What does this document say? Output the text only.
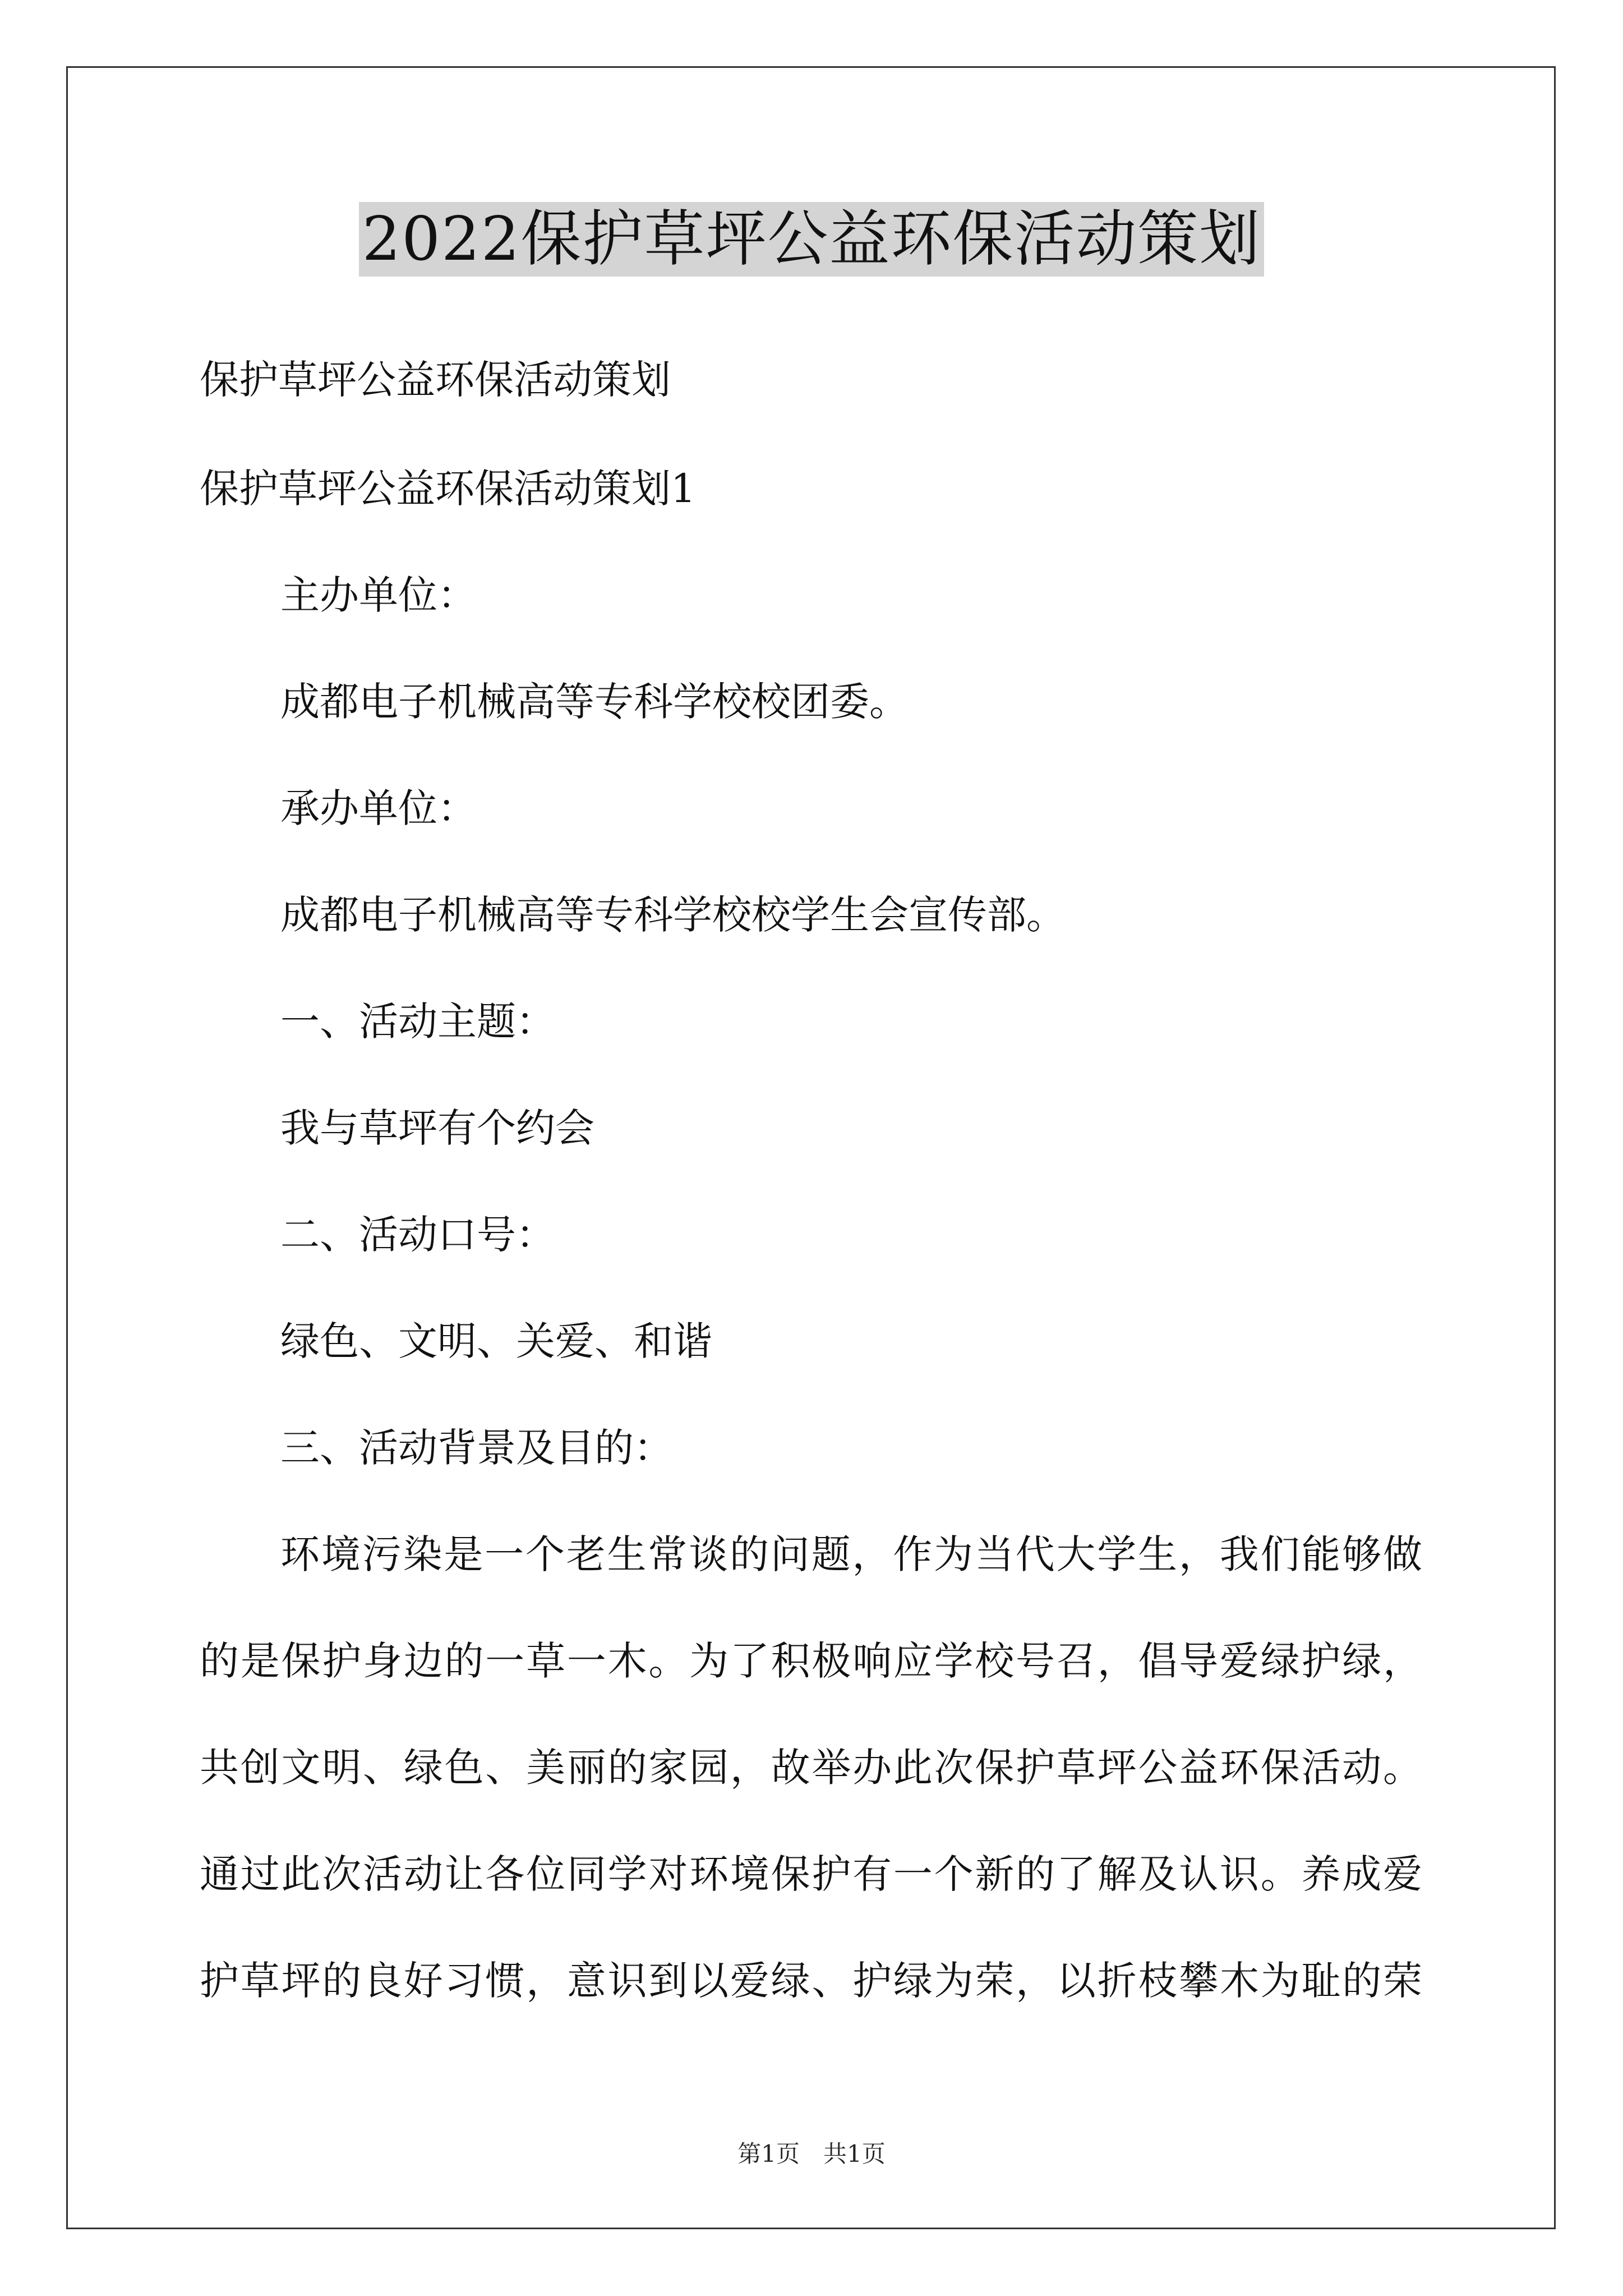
2022保护草坪公益环保活动策划

保护草坪公益环保活动策划

保护草坪公益环保活动策划1

主办单位：

成都电子机械高等专科学校校团委。

承办单位：

成都电子机械高等专科学校校学生会宣传部。

一、活动主题：

我与草坪有个约会

二、活动口号：

绿色、文明、关爱、和谐

三、活动背景及目的：

环境污染是一个老生常谈的问题，作为当代大学生，我们能够做

的是保护身边的一草一木。为了积极响应学校号召，倡导爱绿护绿，

共创文明、绿色、美丽的家园，故举办此次保护草坪公益环保活动。

通过此次活动让各位同学对环境保护有一个新的了解及认识。养成爱

护草坪的良好习惯，意识到以爱绿、护绿为荣，以折枝攀木为耻的荣

第1页　共1页
